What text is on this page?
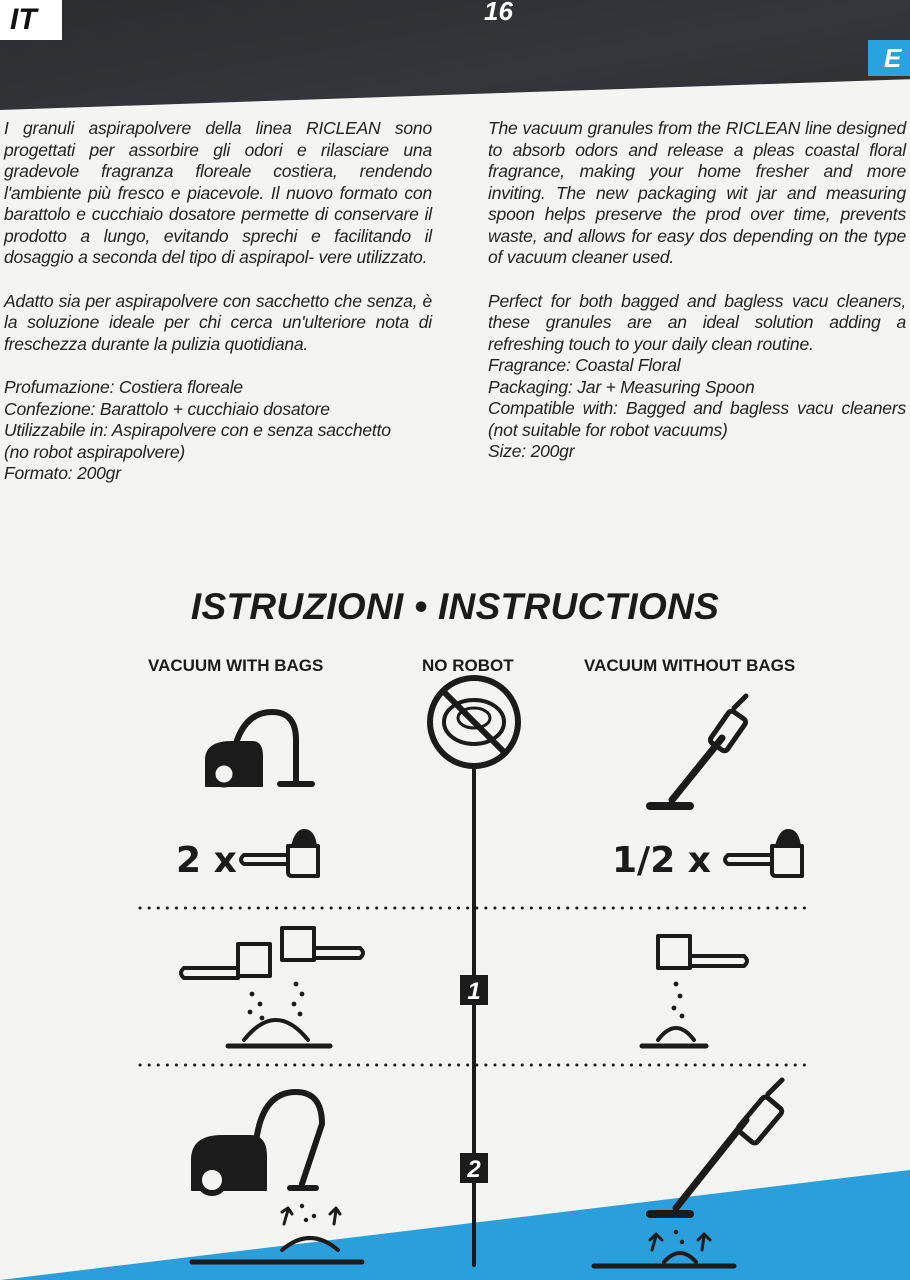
IT	16
E

I granuli aspirapolvere della linea RICLEAN sono progettati per assorbire gli odori e rilasciare una gradevole fragranza floreale costiera, rendendo l'ambiente più fresco e piacevole. Il nuovo formato con barattolo e cucchiaio dosatore permette di conservare il prodotto a lungo, evitando sprechi e facilitando il dosaggio a seconda del tipo di aspirapol- vere utilizzato.

Adatto sia per aspirapolvere con sacchetto che senza, è la soluzione ideale per chi cerca un'ulteriore nota di freschezza durante la pulizia quotidiana.

Profumazione: Costiera floreale

Confezione: Barattolo + cucchiaio dosatore

Utilizzabile in: Aspirapolvere con e senza sacchetto

(no robot aspirapolvere)

Formato: 200gr

The vacuum granules from the RICLEAN line designed to absorb odors and release a pleas coastal floral fragrance, making your home fresher and more inviting. The new packaging wit jar and measuring spoon helps preserve the prod over time, prevents waste, and allows for easy dos depending on the type of vacuum cleaner used.

Perfect for both bagged and bagless vacu cleaners, these granules are an ideal solution adding a refreshing touch to your daily clean routine.

Fragrance: Coastal Floral

Packaging: Jar + Measuring Spoon

Compatible with: Bagged and bagless vacu cleaners (not suitable for robot vacuums)

Size: 200gr

ISTRUZIONI • INSTRUCTIONS
VACUUM WITH BAGS	NO ROBOT	VACUUM WITHOUT BAGS
2 x	1/2 x
1
2
